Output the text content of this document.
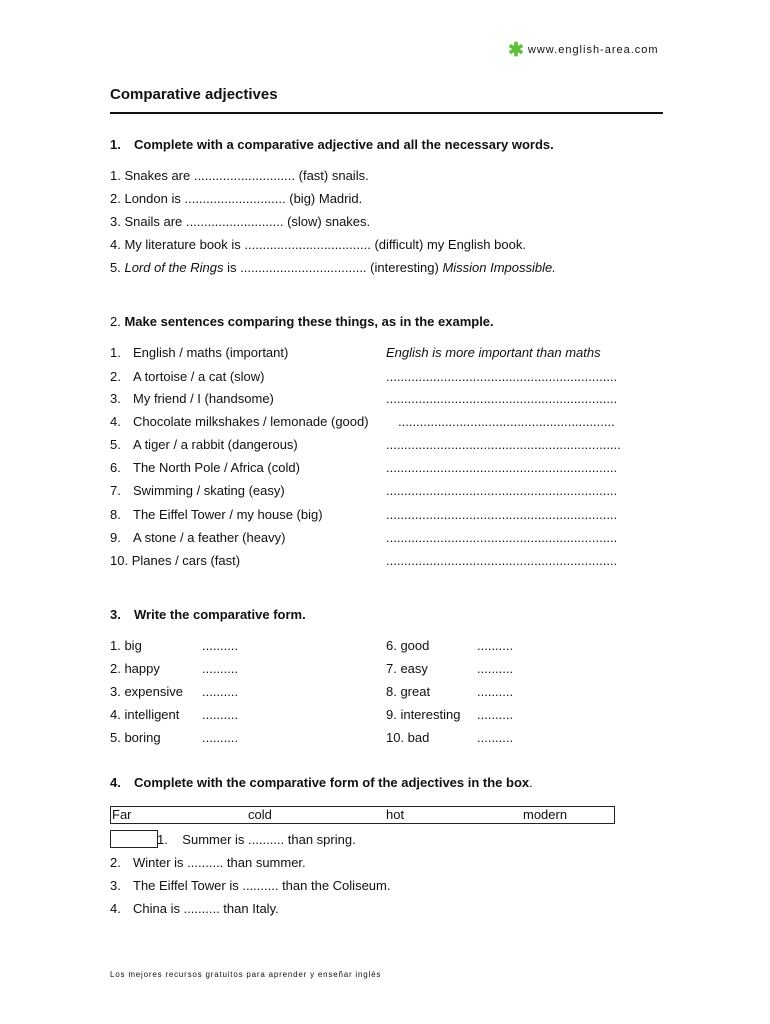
✱ www.english-area.com
Comparative adjectives
1. Complete with a comparative adjective and all the necessary words.
1. Snakes are ............................ (fast) snails.
2. London is ............................ (big) Madrid.
3. Snails are ........................... (slow) snakes.
4. My literature book is ................................... (difficult) my English book.
5. Lord of the Rings is ................................... (interesting) Mission Impossible.
2. Make sentences comparing these things, as in the example.
1. English / maths (important)	English is more important than maths
2. A tortoise / a cat (slow)	................................................................
3. My friend / I (handsome)	................................................................
4. Chocolate milkshakes / lemonade (good) ............................................................
5. A tiger / a rabbit (dangerous)	.................................................................
6. The North Pole / Africa (cold)	................................................................
7. Swimming / skating (easy)	................................................................
8. The Eiffel Tower / my house (big)	................................................................
9. A stone / a feather (heavy)	................................................................
10. Planes / cars (fast)	................................................................
3. Write the comparative form.
1. big	..........
2. happy	..........
3. expensive ..........
4. intelligent ..........
5. boring	..........
6. good	..........
7. easy	..........
8. great	..........
9. interesting ..........
10. bad	..........
4. Complete with the comparative form of the adjectives in the box.
Far	cold	hot	modern
1. Summer is .......... than spring.
2. Winter is .......... than summer.
3. The Eiffel Tower is .......... than the Coliseum.
4. China is .......... than Italy.
Los mejores recursos gratuitos para aprender y enseñar inglés
